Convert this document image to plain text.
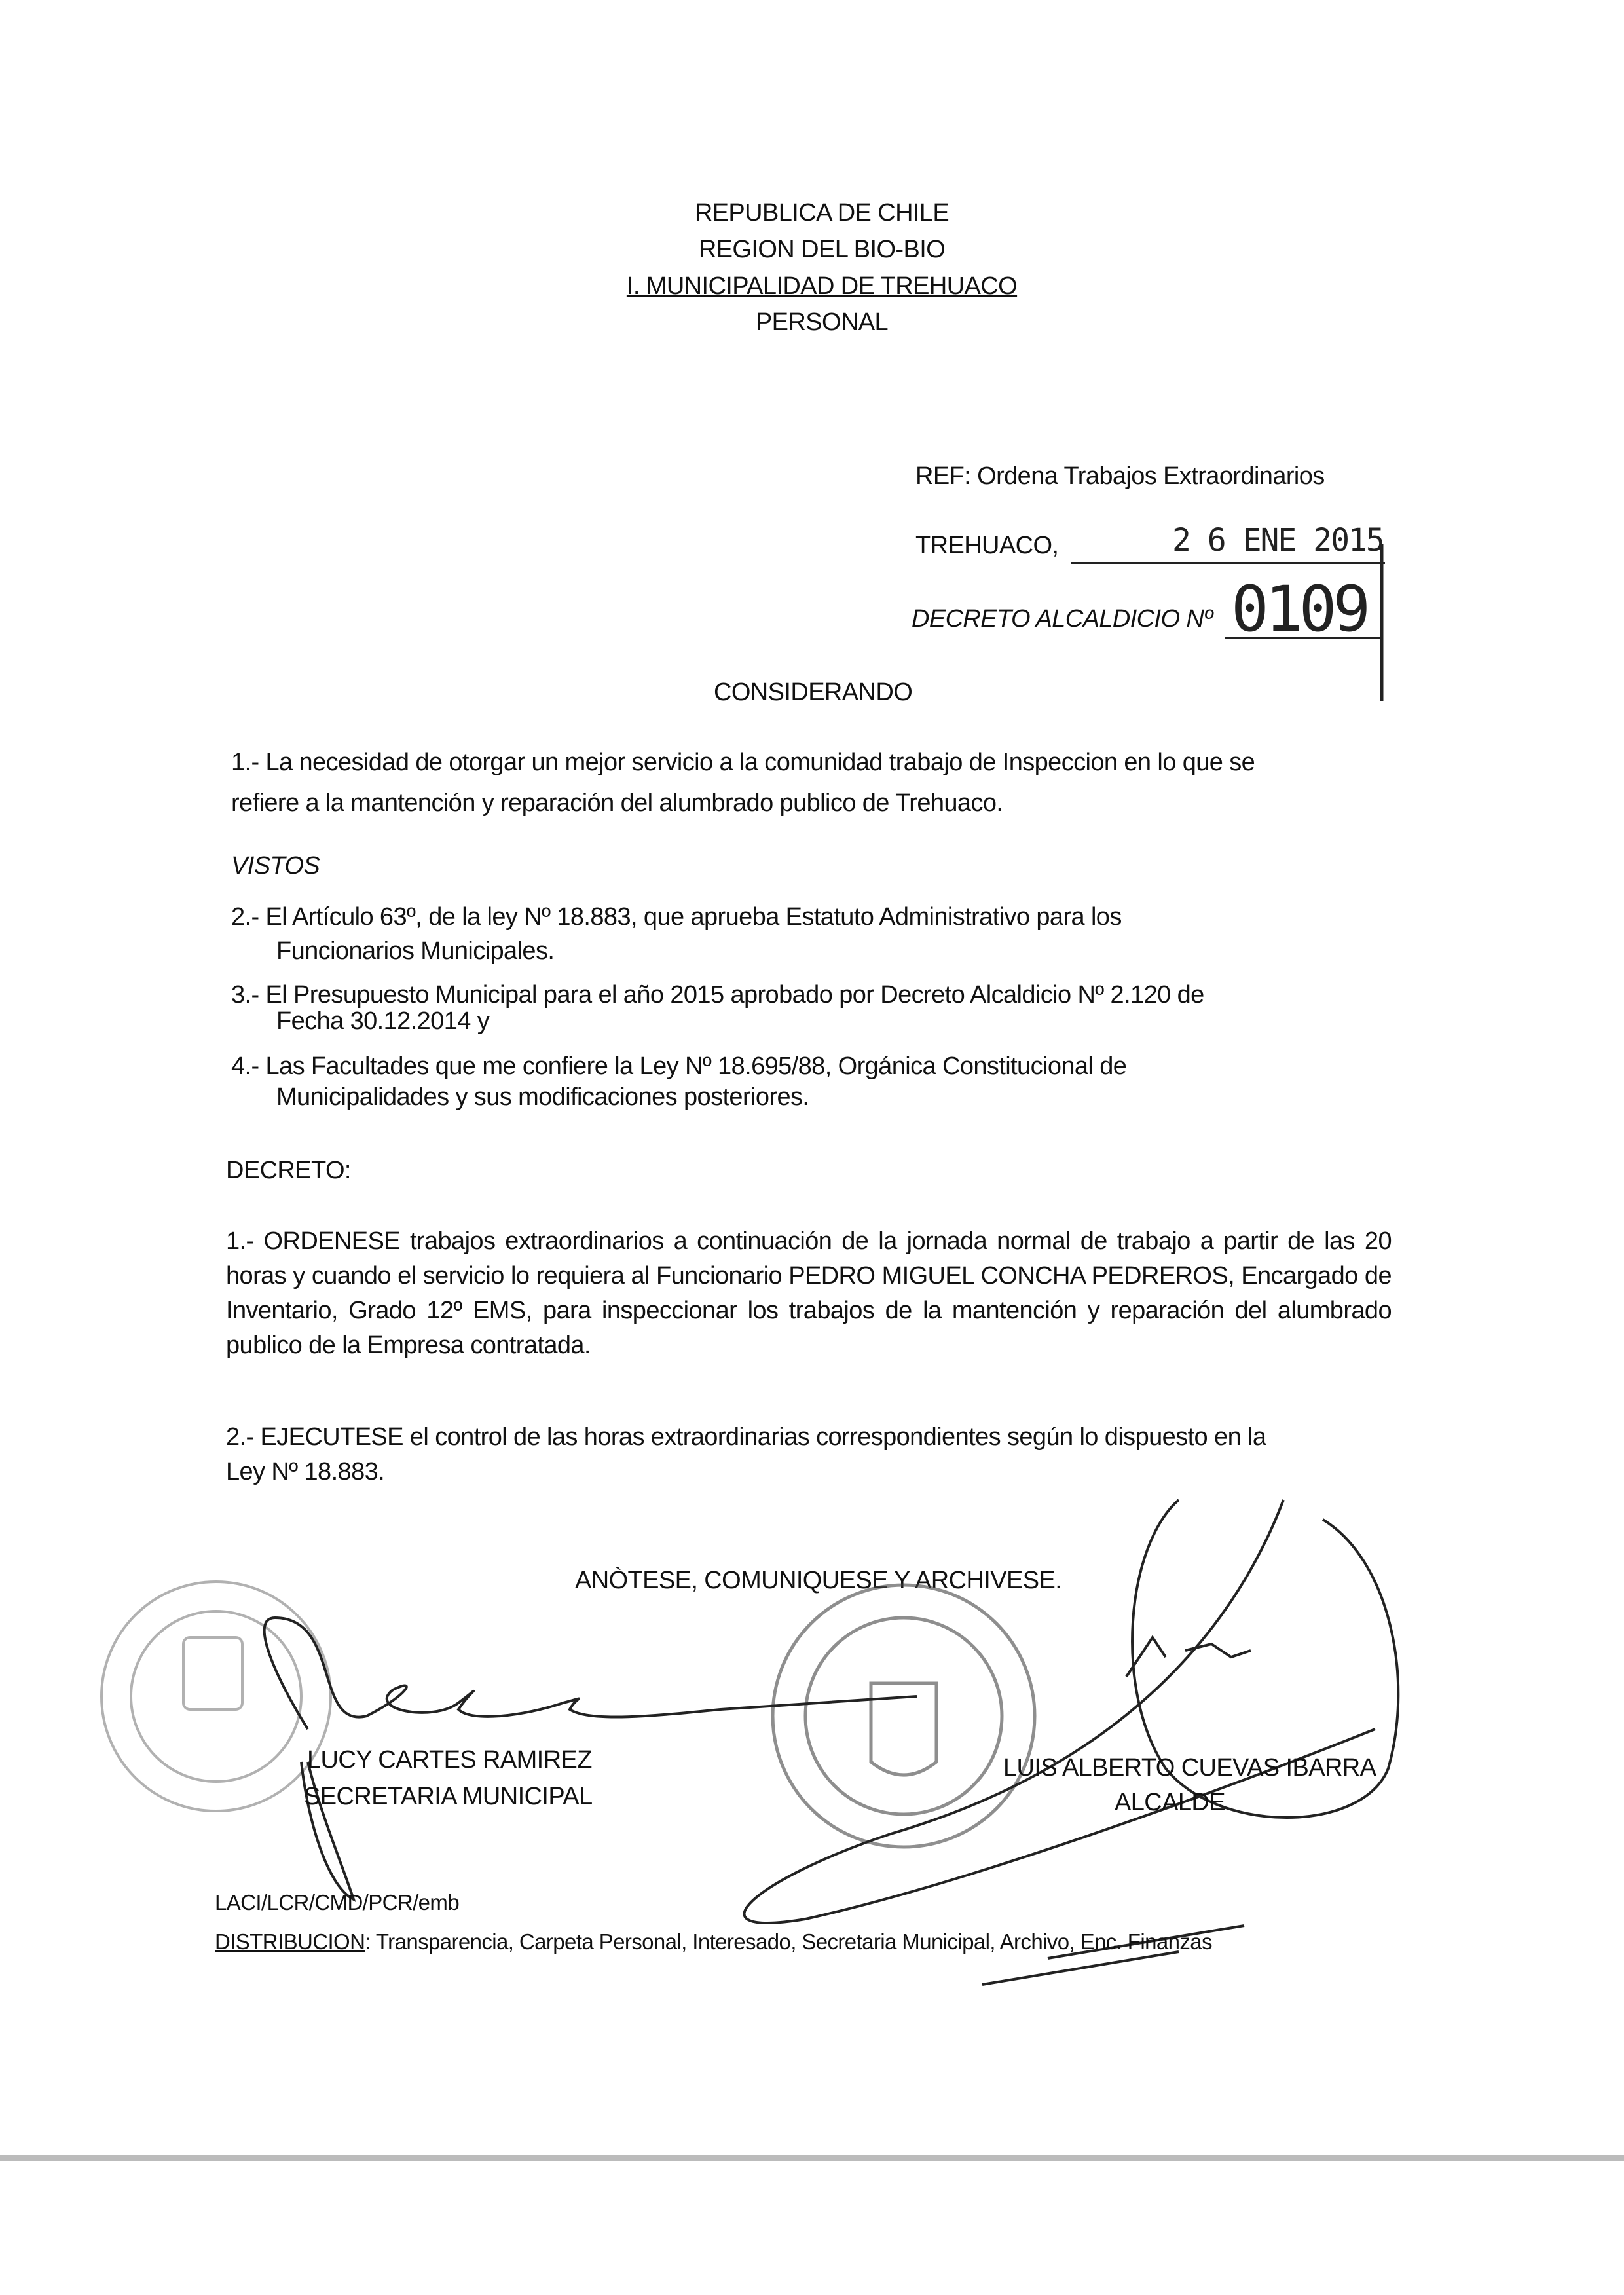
REPUBLICA DE CHILE
REGION DEL BIO-BIO
I. MUNICIPALIDAD DE TREHUACO
PERSONAL
REF: Ordena Trabajos Extraordinarios
TREHUACO,	2 6 ENE 2015
DECRETO ALCALDICIO Nº 0109
CONSIDERANDO
1.- La necesidad de otorgar un mejor servicio a la comunidad trabajo de Inspeccion en lo que se
refiere a la mantención y reparación del alumbrado publico de Trehuaco.
VISTOS
2.- El Artículo 63º, de la ley Nº 18.883, que aprueba Estatuto Administrativo para los
Funcionarios Municipales.
3.- El Presupuesto Municipal para el año 2015 aprobado por Decreto Alcaldicio Nº 2.120 de
Fecha 30.12.2014 y
4.- Las Facultades que me confiere la Ley Nº 18.695/88, Orgánica Constitucional de
Municipalidades y sus modificaciones posteriores.
DECRETO:
1.- ORDENESE trabajos extraordinarios a continuación de la jornada normal de trabajo a partir de las 20 horas y cuando el servicio lo requiera al Funcionario PEDRO MIGUEL CONCHA PEDREROS, Encargado de Inventario, Grado 12º EMS, para inspeccionar los trabajos de la mantención y reparación del alumbrado publico de la Empresa contratada.
2.- EJECUTESE el control de las horas extraordinarias correspondientes según lo dispuesto en la
Ley Nº 18.883.
ANÒTESE, COMUNIQUESE Y ARCHIVESE.
LUCY CARTES RAMIREZ
SECRETARIA MUNICIPAL
LUIS ALBERTO CUEVAS IBARRA
ALCALDE
LACI/LCR/CMD/PCR/emb
DISTRIBUCION: Transparencia, Carpeta Personal, Interesado, Secretaria Municipal, Archivo, Enc. Finanzas
